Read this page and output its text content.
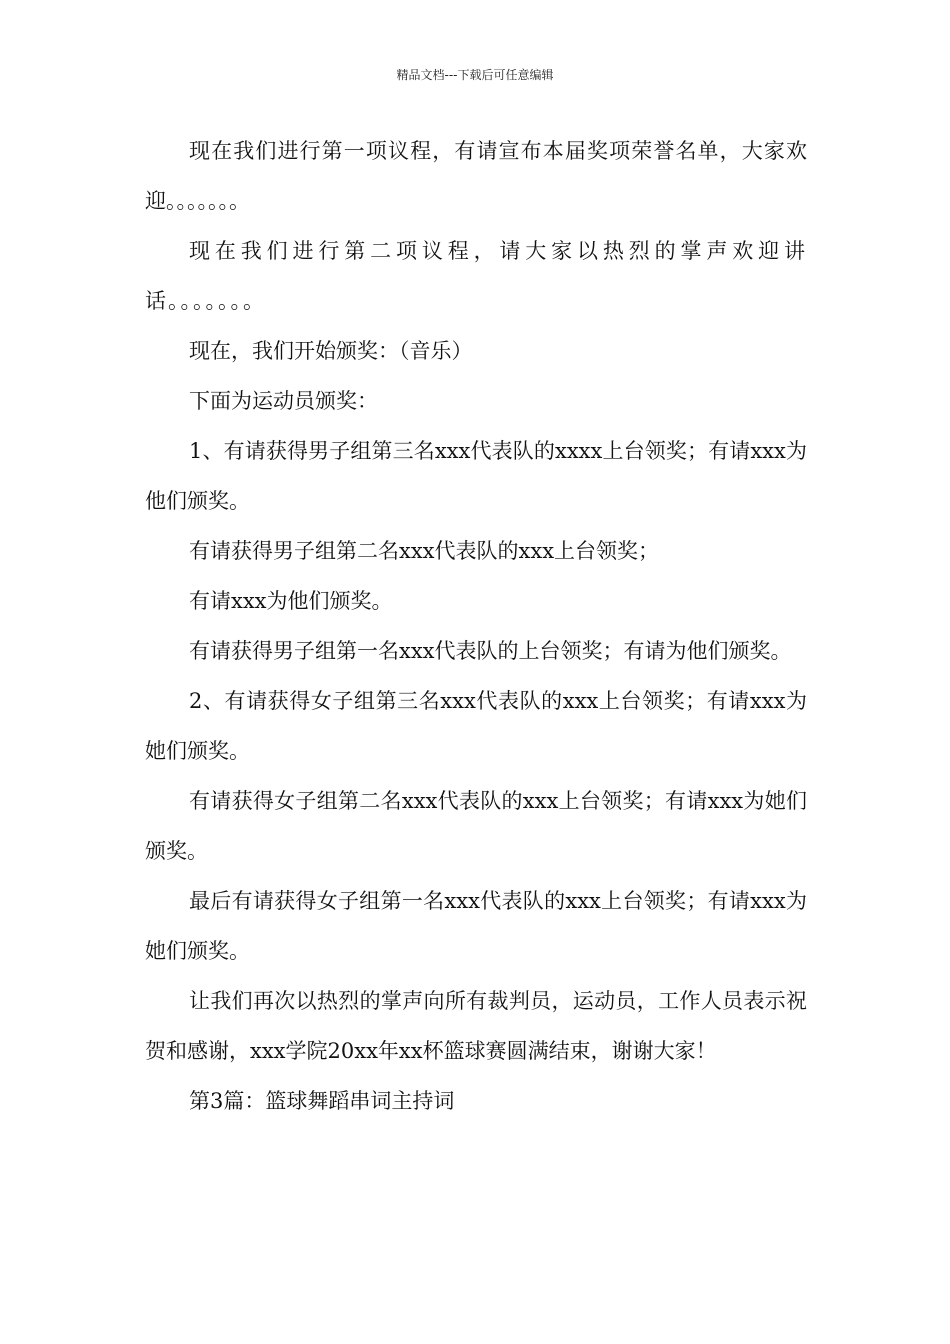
精品文档---下载后可任意编辑

现在我们进行第一项议程，有请宣布本届奖项荣誉名单，大家欢迎。。。。。。。

现在我们进行第二项议程，请大家以热烈的掌声欢迎讲话。。。。。。。

现在，我们开始颁奖：（音乐）

下面为运动员颁奖：

1、有请获得男子组第三名xxx代表队的xxxx上台领奖；有请xxx为他们颁奖。

有请获得男子组第二名xxx代表队的xxx上台领奖；

有请xxx为他们颁奖。

有请获得男子组第一名xxx代表队的上台领奖；有请为他们颁奖。

2、有请获得女子组第三名xxx代表队的xxx上台领奖；有请xxx为她们颁奖。

有请获得女子组第二名xxx代表队的xxx上台领奖；有请xxx为她们颁奖。

最后有请获得女子组第一名xxx代表队的xxx上台领奖；有请xxx为她们颁奖。

让我们再次以热烈的掌声向所有裁判员，运动员，工作人员表示祝贺和感谢，xxx学院20xx年xx杯篮球赛圆满结束，谢谢大家！

第3篇：篮球舞蹈串词主持词
